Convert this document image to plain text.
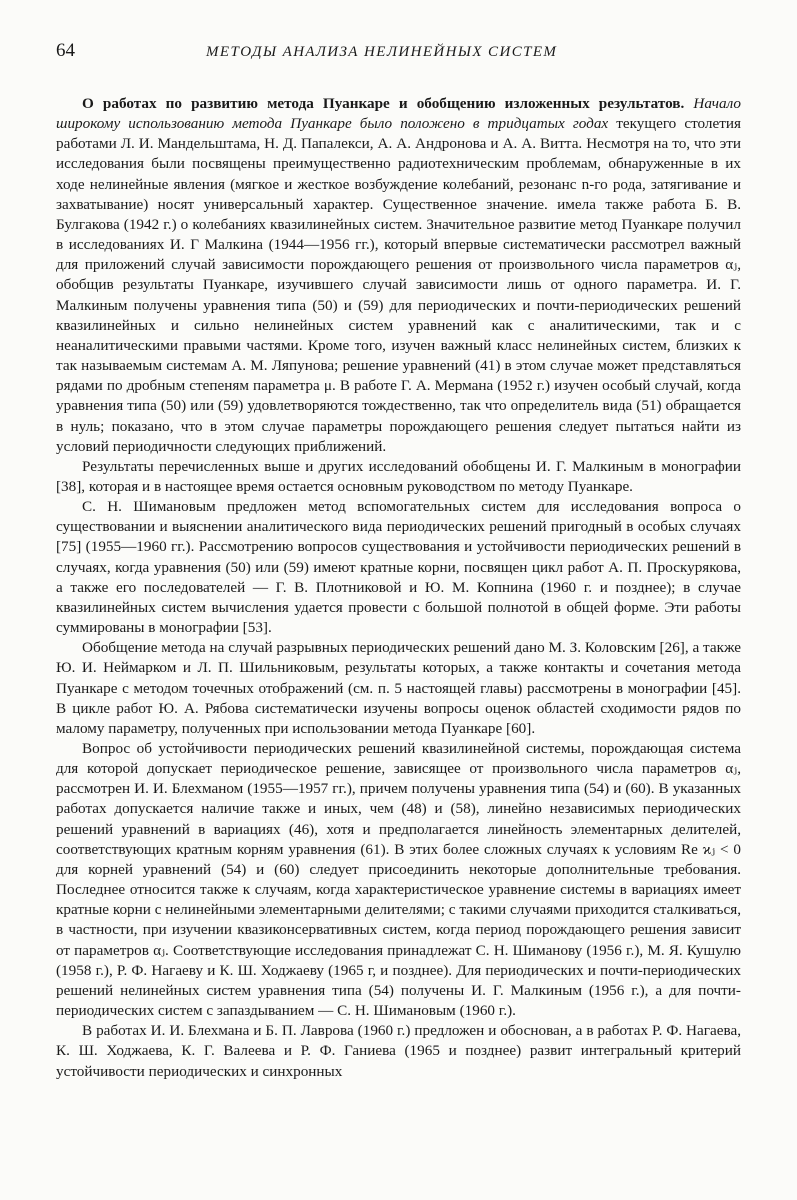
64	МЕТОДЫ АНАЛИЗА НЕЛИНЕЙНЫХ СИСТЕМ

О работах по развитию метода Пуанкаре и обобщению изложенных результатов. Начало широкому использованию метода Пуанкаре было положено в тридцатых годах текущего столетия работами Л. И. Мандельштама, Н. Д. Папалекси, А. А. Андронова и А. А. Витта. Несмотря на то, что эти исследования были посвящены преимущественно радиотехническим проблемам, обнаруженные в их ходе нелинейные явления (мягкое и жесткое возбуждение колебаний, резонанс n-го рода, затягивание и захватывание) носят универсальный характер. Существенное значение. имела также работа Б. В. Булгакова (1942 г.) о колебаниях квазилинейных систем. Значительное развитие метод Пуанкаре получил в исследованиях И. Г Малкина (1944—1956 гг.), который впервые систематически рассмотрел важный для приложений случай зависимости порождающего решения от произвольного числа параметров αⱼ, обобщив результаты Пуанкаре, изучившего случай зависимости лишь от одного параметра. И. Г. Малкиным получены уравнения типа (50) и (59) для периодических и почти-периодических решений квазилинейных и сильно нелинейных систем уравнений как с аналитическими, так и с неаналитическими правыми частями. Кроме того, изучен важный класс нелинейных систем, близких к так называемым системам А. М. Ляпунова; решение уравнений (41) в этом случае может представляться рядами по дробным степеням параметра μ. В работе Г. А. Мермана (1952 г.) изучен особый случай, когда уравнения типа (50) или (59) удовлетворяются тождественно, так что определитель вида (51) обращается в нуль; показано, что в этом случае параметры порождающего решения следует пытаться найти из условий периодичности следующих приближений.

Результаты перечисленных выше и других исследований обобщены И. Г. Малкиным в монографии [38], которая и в настоящее время остается основным руководством по методу Пуанкаре.

С. Н. Шимановым предложен метод вспомогательных систем для исследования вопроса о существовании и выяснении аналитического вида периодических решений пригодный в особых случаях [75] (1955—1960 гг.). Рассмотрению вопросов существования и устойчивости периодических решений в случаях, когда уравнения (50) или (59) имеют кратные корни, посвящен цикл работ А. П. Проскурякова, а также его последователей — Г. В. Плотниковой и Ю. М. Копнина (1960 г. и позднее); в случае квазилинейных систем вычисления удается провести с большой полнотой в общей форме. Эти работы суммированы в монографии [53].

Обобщение метода на случай разрывных периодических решений дано М. З. Коловским [26], а также Ю. И. Неймарком и Л. П. Шильниковым, результаты которых, а также контакты и сочетания метода Пуанкаре с методом точечных отображений (см. п. 5 настоящей главы) рассмотрены в монографии [45]. В цикле работ Ю. А. Рябова систематически изучены вопросы оценок областей сходимости рядов по малому параметру, полученных при использовании метода Пуанкаре [60].

Вопрос об устойчивости периодических решений квазилинейной системы, порождающая система для которой допускает периодическое решение, зависящее от произвольного числа параметров αⱼ, рассмотрен И. И. Блехманом (1955—1957 гг.), причем получены уравнения типа (54) и (60). В указанных работах допускается наличие также и иных, чем (48) и (58), линейно независимых периодических решений уравнений в вариациях (46), хотя и предполагается линейность элементарных делителей, соответствующих кратным корням уравнения (61). В этих более сложных случаях к условиям Re ϰⱼ < 0 для корней уравнений (54) и (60) следует присоединить некоторые дополнительные требования. Последнее относится также к случаям, когда характеристическое уравнение системы в вариациях имеет кратные корни с нелинейными элементарными делителями; с такими случаями приходится сталкиваться, в частности, при изучении квазиконсервативных систем, когда период порождающего решения зависит от параметров αⱼ. Соответствующие исследования принадлежат С. Н. Шиманову (1956 г.), М. Я. Кушулю (1958 г.), Р. Ф. Нагаеву и К. Ш. Ходжаеву (1965 г, и позднее). Для периодических и почти-периодических решений нелинейных систем уравнения типа (54) получены И. Г. Малкиным (1956 г.), а для почти-периодических систем с запаздыванием — С. Н. Шимановым (1960 г.).

В работах И. И. Блехмана и Б. П. Лаврова (1960 г.) предложен и обоснован, а в работах Р. Ф. Нагаева, К. Ш. Ходжаева, К. Г. Валеева и Р. Ф. Ганиева (1965 и позднее) развит интегральный критерий устойчивости периодических и синхронных
